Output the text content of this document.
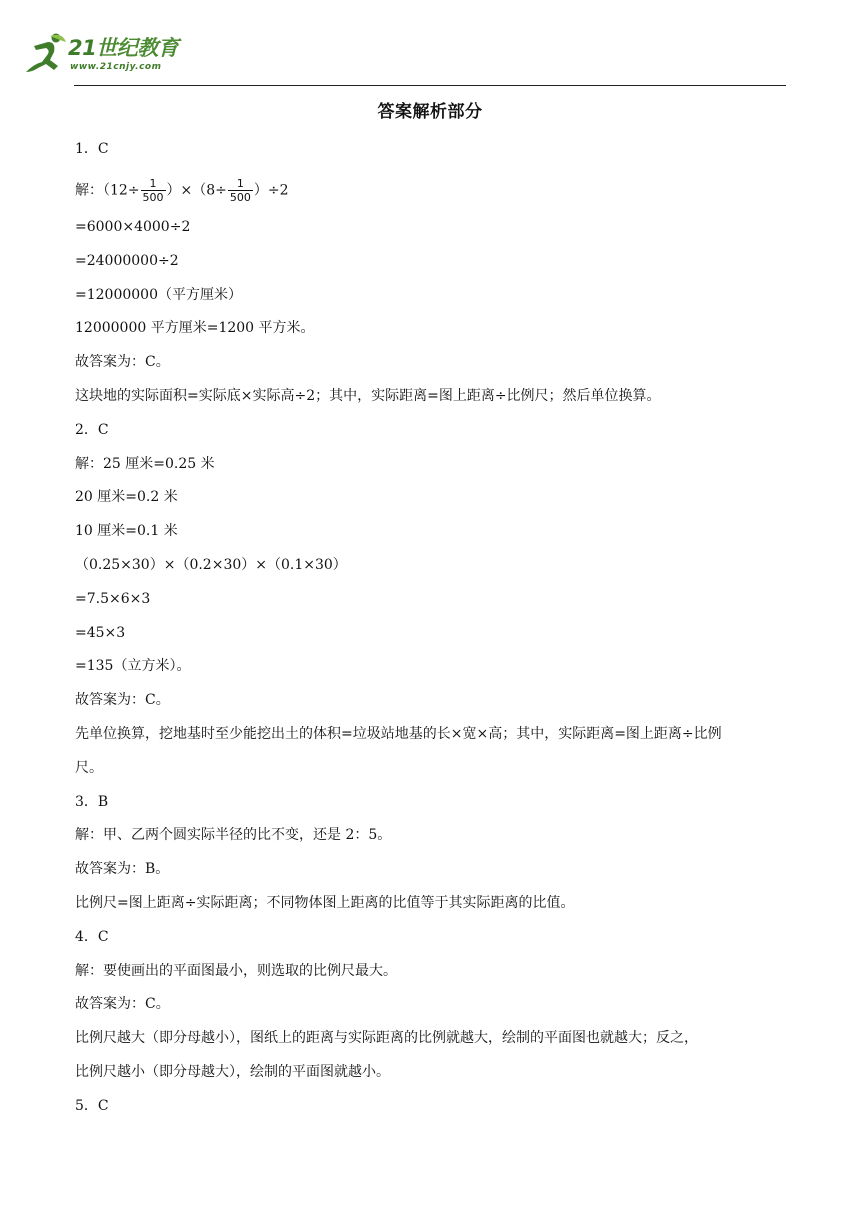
21世纪教育
www.21cnjy.com
答案解析部分
1．C
解：$(12\div \frac{1}{500} )\times(8\div \frac{1}{500} )\div 2$
=6000×4000÷2
=24000000÷2
=12000000（平方厘米）
12000000 平方厘米=1200 平方米。
故答案为：C。
这块地的实际面积=实际底×实际高÷2；其中，实际距离=图上距离÷比例尺；然后单位换算。
2．C
解：25 厘米=0.25 米
20 厘米=0.2 米
10 厘米=0.1 米
（0.25×30）×（0.2×30）×（0.1×30）
=7.5×6×3
=45×3
=135（立方米）。
故答案为：C。
先单位换算，挖地基时至少能挖出土的体积=垃圾站地基的长×宽×高；其中，实际距离=图上距离÷比例
尺。
3．B
解：甲、乙两个圆实际半径的比不变，还是 2：5。
故答案为：B。
比例尺=图上距离÷实际距离；不同物体图上距离的比值等于其实际距离的比值。
4．C
解：要使画出的平面图最小，则选取的比例尺最大。
故答案为：C。
比例尺越大（即分母越小），图纸上的距离与实际距离的比例就越大，绘制的平面图也就越大；反之，
比例尺越小（即分母越大），绘制的平面图就越小。
5．C
